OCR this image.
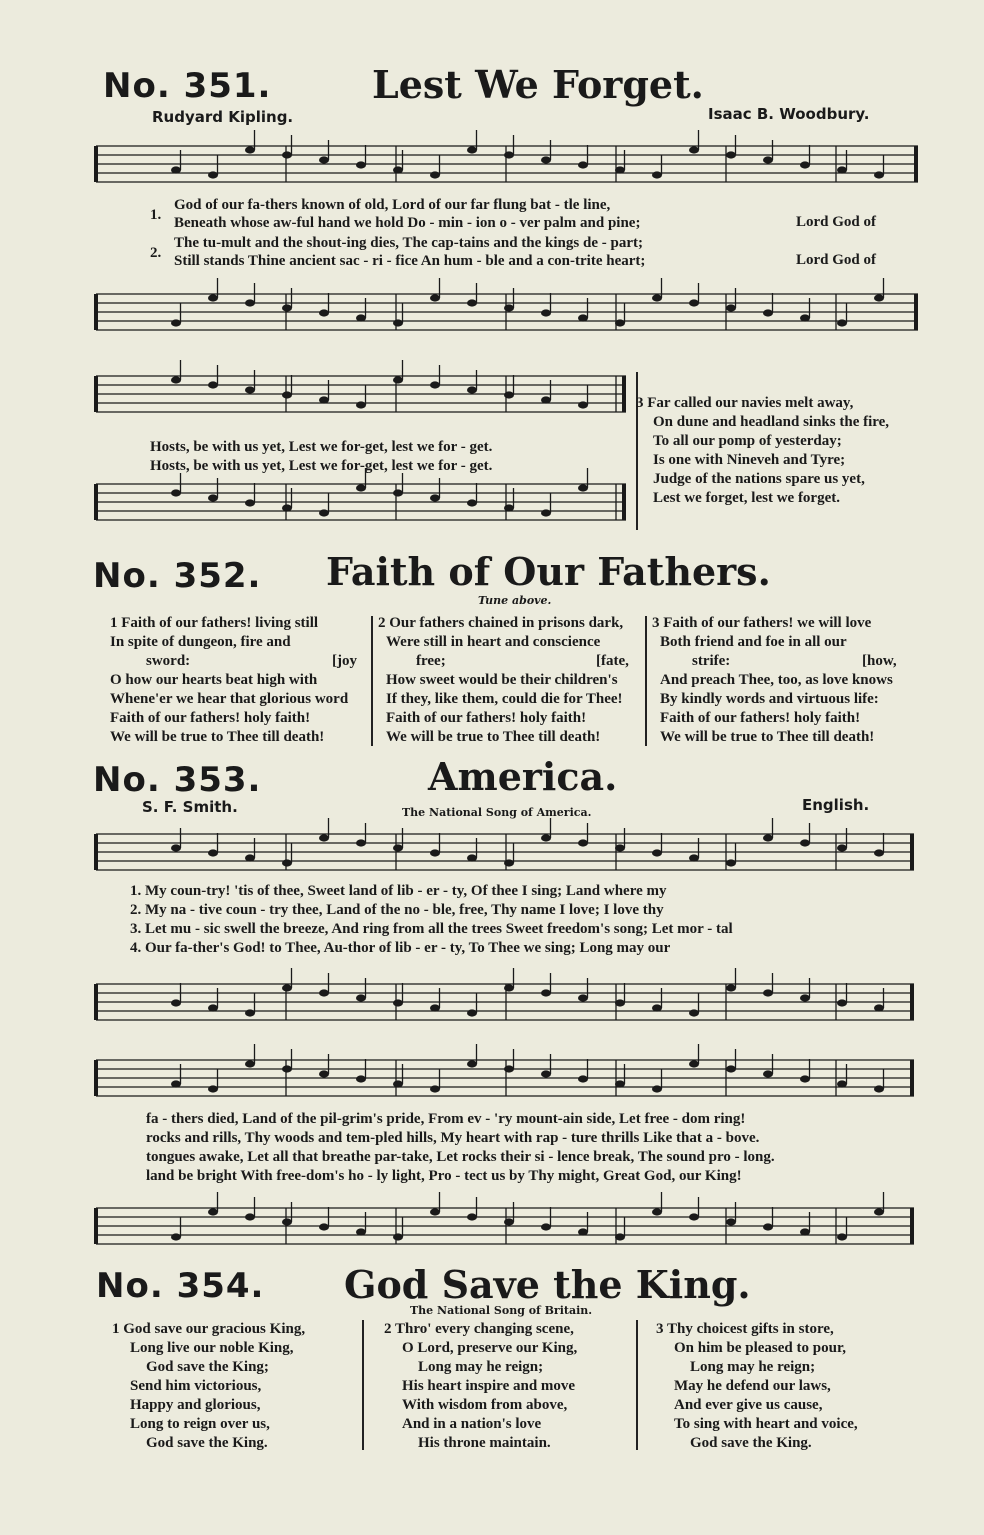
No. 351.	Lest We Forget.
Rudyard Kipling.	Isaac B. Woodbury.
1.
God of our fa-thers known of old, Lord of our far flung bat - tle line,
Beneath whose aw-ful hand we hold Do - min - ion o - ver palm and pine;	Lord God of
2.
The tu-mult and the shout-ing dies, The cap-tains and the kings de - part;
Still stands Thine ancient sac - ri - fice An hum - ble and a con-trite heart;	Lord God of
Hosts, be with us yet, Lest we for-get, lest we for - get.
Hosts, be with us yet, Lest we for-get, lest we for - get.
3 Far called our navies melt away,
On dune and headland sinks the fire,
To all our pomp of yesterday;
Is one with Nineveh and Tyre;
Judge of the nations spare us yet,
Lest we forget, lest we forget.
No. 352. Faith of Our Fathers.
Tune above.
1 Faith of our fathers! living still
In spite of dungeon, fire and
sword:	[joy
O how our hearts beat high with
Whene'er we hear that glorious word
Faith of our fathers! holy faith!
We will be true to Thee till death!
2 Our fathers chained in prisons dark,
Were still in heart and conscience
free;	[fate,
How sweet would be their children's
If they, like them, could die for Thee!
Faith of our fathers! holy faith!
We will be true to Thee till death!
3 Faith of our fathers! we will love
Both friend and foe in all our
strife:	[how,
And preach Thee, too, as love knows
By kindly words and virtuous life:
Faith of our fathers! holy faith!
We will be true to Thee till death!
No. 353.	America.
S. F. Smith.	The National Song of America.	English.
1. My coun-try! 'tis of thee, Sweet land of lib - er - ty, Of thee I sing; Land where my
2. My na - tive coun - try thee, Land of the no - ble, free, Thy name I love; I love thy
3. Let mu - sic swell the breeze, And ring from all the trees Sweet freedom's song; Let mor - tal
4. Our fa-ther's God! to Thee, Au-thor of lib - er - ty, To Thee we sing; Long may our
fa - thers died, Land of the pil-grim's pride, From ev - 'ry mount-ain side, Let free - dom ring!
rocks and rills, Thy woods and tem-pled hills, My heart with rap - ture thrills Like that a - bove.
tongues awake, Let all that breathe par-take, Let rocks their si - lence break, The sound pro - long.
land be bright With free-dom's ho - ly light, Pro - tect us by Thy might, Great God, our King!
No. 354. God Save the King.
The National Song of Britain.
1 God save our gracious King,
Long live our noble King,
God save the King;
Send him victorious,
Happy and glorious,
Long to reign over us,
God save the King.
2 Thro' every changing scene,
O Lord, preserve our King,
Long may he reign;
His heart inspire and move
With wisdom from above,
And in a nation's love
His throne maintain.
3 Thy choicest gifts in store,
On him be pleased to pour,
Long may he reign;
May he defend our laws,
And ever give us cause,
To sing with heart and voice,
God save the King.
